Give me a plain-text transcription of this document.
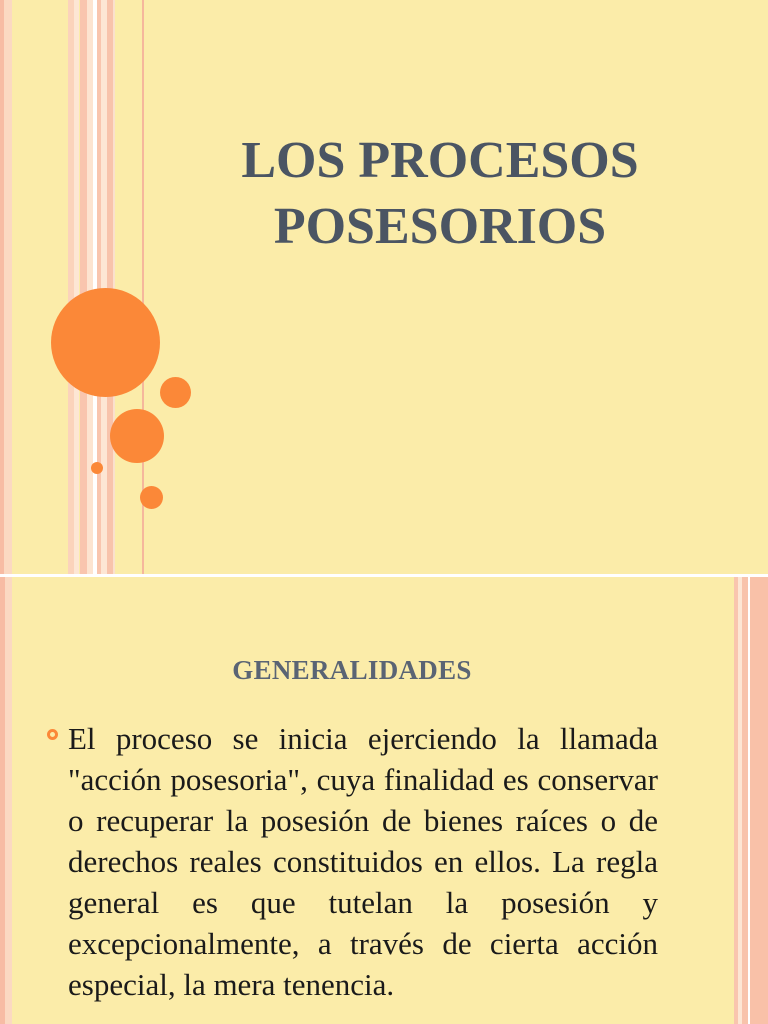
LOS PROCESOS
POSESORIOS
GENERALIDADES
El proceso se inicia ejerciendo la llamada "acción posesoria", cuya finalidad es conservar o recuperar la posesión de bienes raíces o de derechos reales constituidos en ellos. La regla general es que tutelan la posesión y excepcionalmente, a través de cierta acción especial, la mera tenencia.
